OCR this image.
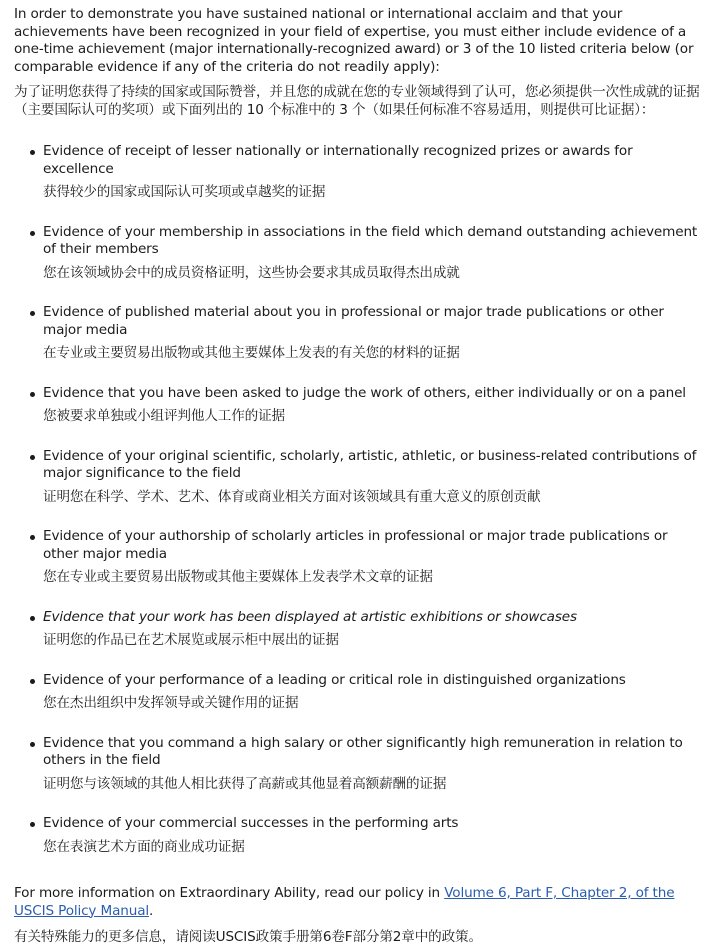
In order to demonstrate you have sustained national or international acclaim and that your achievements have been recognized in your field of expertise, you must either include evidence of a one-time achievement (major internationally-recognized award) or 3 of the 10 listed criteria below (or comparable evidence if any of the criteria do not readily apply):

为了证明您获得了持续的国家或国际赞誉，并且您的成就在您的专业领域得到了认可，您必须提供一次性成就的证据（主要国际认可的奖项）或下面列出的 10 个标准中的 3 个（如果任何标准不容易适用，则提供可比证据）：

Evidence of receipt of lesser nationally or internationally recognized prizes or awards for excellence
获得较少的国家或国际认可奖项或卓越奖的证据
Evidence of your membership in associations in the field which demand outstanding achievement of their members
您在该领域协会中的成员资格证明，这些协会要求其成员取得杰出成就
Evidence of published material about you in professional or major trade publications or other major media
在专业或主要贸易出版物或其他主要媒体上发表的有关您的材料的证据
Evidence that you have been asked to judge the work of others, either individually or on a panel
您被要求单独或小组评判他人工作的证据
Evidence of your original scientific, scholarly, artistic, athletic, or business-related contributions of major significance to the field
证明您在科学、学术、艺术、体育或商业相关方面对该领域具有重大意义的原创贡献
Evidence of your authorship of scholarly articles in professional or major trade publications or other major media
您在专业或主要贸易出版物或其他主要媒体上发表学术文章的证据
Evidence that your work has been displayed at artistic exhibitions or showcases
证明您的作品已在艺术展览或展示柜中展出的证据
Evidence of your performance of a leading or critical role in distinguished organizations
您在杰出组织中发挥领导或关键作用的证据
Evidence that you command a high salary or other significantly high remuneration in relation to others in the field
证明您与该领域的其他人相比获得了高薪或其他显着高额薪酬的证据
Evidence of your commercial successes in the performing arts
您在表演艺术方面的商业成功证据

For more information on Extraordinary Ability, read our policy in Volume 6, Part F, Chapter 2, of the USCIS Policy Manual.

有关特殊能力的更多信息，请阅读USCIS政策手册第6卷F部分第2章中的政策。
